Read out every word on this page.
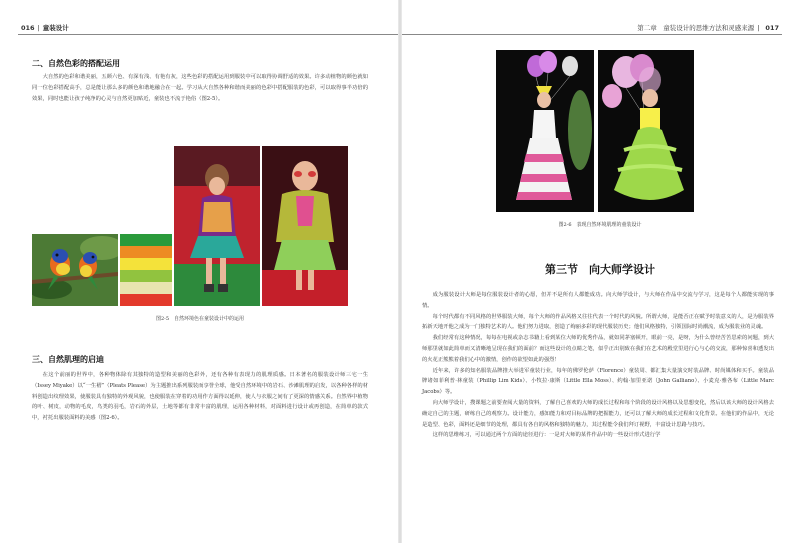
016 | 童装设计
二、自然色彩的搭配运用

大自然的色彩和谐美丽，五颜六色、有深有浅、有艳有灰，这些色彩的搭配运用到服装中可以取得协调舒适的效果。许多动植物的颜色就如同一位色彩搭配高手，总是能让那么多的颜色和谐地融合在一起。学习从大自然各种和谐而美丽的色彩中搭配服装的色彩，可以取得事半功倍的效果，同时也能让孩子纯净的心灵与自然更加贴近，童装也不流于艳俗（图2-5）。

图2-5　自然环境色在童装设计中的运用
三、自然肌理的启迪

在这个前丽的世界中，各种物体除有其独特的造型和美丽的色彩外，还有各种有表现力的肌理质感。日本著名的服装设计师三宅一生（Issey Miyake）以“一生褶”（Pleats Please）为主题推出系列服装而享誉全球，他受自然环境中的岩石、沙滩肌理的启发，以各种各样的材料创造出纹理效果，使服装具有独特的外观风貌，也使服装在穿着的功用作方面得以延伸，使人与衣服之间有了更深的情感关系。自然界中植物的叶、树皮，动物的毛皮，鸟类的羽毛，岩石的外层，土地等都有非常丰富的肌理，运用各种材料，对面料进行设计或再创造，在简单的款式中，衬托出服装面料的美感（图2-6）。

第二章　童装设计的思维方法和灵感来源 | 017
图2-6　表现自然环境肌理的童装设计
第三节　向大师学设计

成为服装设计大师是每位服装设计者的心愿，但并不是所有人都能成功。向大师学设计，与大师在作品中交流与学习，这是每个人都能实现的事情。

每个时代都有不同风格的世界服装大师，每个大师的作品风格又往往代表一个时代的风貌。所谓大师，是能否正在赋予时装意义的人，是为服装界拓新天地开他之成为一门独特艺术的人。他们努力进取，创造了绚丽多彩的现代服装历史；他们风格独特，引领国际时尚潮流，成为服装业的灵魂。

我们经常有这种情况，每每在电视或杂志书籍上看到某位大师的优秀作品，就如同茅塞顿开，眼前一亮，是呀，为什么曾经苦苦思索的问题，到大师那里就如此简单而又清晰地呈现在我们的面前？而这些设计的点睛之笔，似乎正出别致在我们在艺术的殿堂里进行心与心的交流，那种惊喜和透发出的火花正熊熊着我们心中的激情，创作的欲望如此的强烈！

近年来，许多的知名服装品牌推大举进军童装行业，每年的佛罗伦萨（Florence）童装周、都汇集大量演交时装品牌、时尚媒体和买手。童装品牌诸如菲利普·林童装（Phillip Lim Kids）、小牧拉·康斯（Little Ella Moss）、约翰·加里亚诺（John Galliano）、小麦克·雅各布（Little Marc Jacobs）等。

向大师学设计，搜课题之前要查阅大量的资料，了解自己喜欢的大师的成长过程和每个阶段的设计风格以及思想变化，然后以该大师的设计风格去确定自己的主题，研练自己的观察力。设计能力，感知能力和对目标品牌的把握能力，还可以了解大师的成长过程和文化背景。在他们的作品中，无论是造型、色彩，面料还是细节的处理，都具有各自的风格和独特的魅力，其过程能令我们拜订视野，丰富设计思路与技巧。

这样的思维练习，可以通过两个方面的途径进行：一是对大师的某件作品中的一些设计形式进行学
